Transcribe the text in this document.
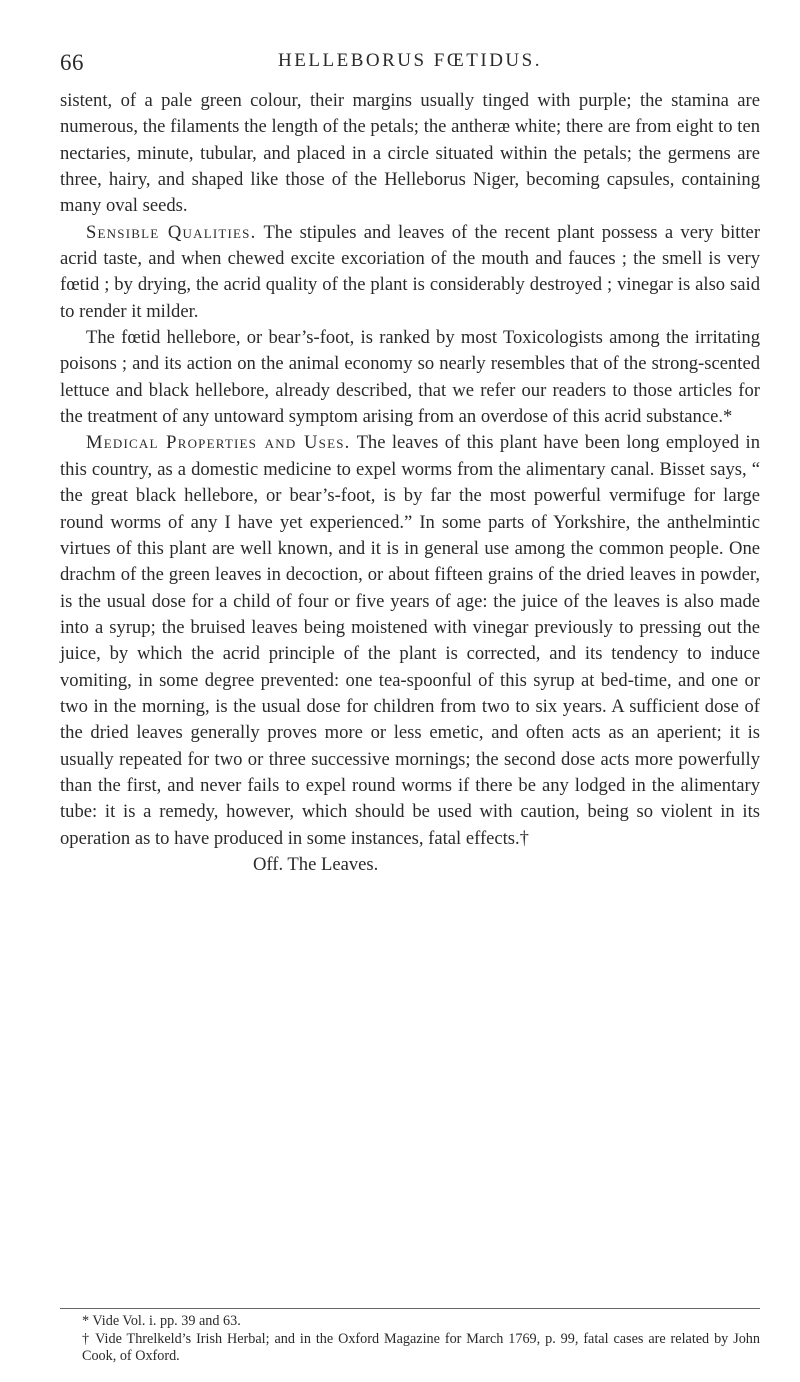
66	HELLEBORUS FŒTIDUS.

sistent, of a pale green colour, their margins usually tinged with purple; the stamina are numerous, the filaments the length of the petals; the antheræ white; there are from eight to ten nectaries, minute, tubular, and placed in a circle situated within the petals; the germens are three, hairy, and shaped like those of the Helleborus Niger, becoming capsules, containing many oval seeds.

Sensible Qualities. The stipules and leaves of the recent plant possess a very bitter acrid taste, and when chewed excite excoriation of the mouth and fauces ; the smell is very fœtid ; by drying, the acrid quality of the plant is considerably destroyed ; vinegar is also said to render it milder.

The fœtid hellebore, or bear’s-foot, is ranked by most Toxicologists among the irritating poisons ; and its action on the animal economy so nearly resembles that of the strong-scented lettuce and black hellebore, already described, that we refer our readers to those articles for the treatment of any untoward symptom arising from an overdose of this acrid substance.*

Medical Properties and Uses. The leaves of this plant have been long employed in this country, as a domestic medicine to expel worms from the alimentary canal. Bisset says, “ the great black hellebore, or bear’s-foot, is by far the most powerful vermifuge for large round worms of any I have yet experienced.” In some parts of Yorkshire, the anthelmintic virtues of this plant are well known, and it is in general use among the common people. One drachm of the green leaves in decoction, or about fifteen grains of the dried leaves in powder, is the usual dose for a child of four or five years of age: the juice of the leaves is also made into a syrup; the bruised leaves being moistened with vinegar previously to pressing out the juice, by which the acrid principle of the plant is corrected, and its tendency to induce vomiting, in some degree prevented: one tea-spoonful of this syrup at bed-time, and one or two in the morning, is the usual dose for children from two to six years. A sufficient dose of the dried leaves generally proves more or less emetic, and often acts as an aperient; it is usually repeated for two or three successive mornings; the second dose acts more powerfully than the first, and never fails to expel round worms if there be any lodged in the alimentary tube: it is a remedy, however, which should be used with caution, being so violent in its operation as to have produced in some instances, fatal effects.†

Off. The Leaves.

* Vide Vol. i. pp. 39 and 63.

† Vide Threlkeld’s Irish Herbal; and in the Oxford Magazine for March 1769, p. 99, fatal cases are related by John Cook, of Oxford.
